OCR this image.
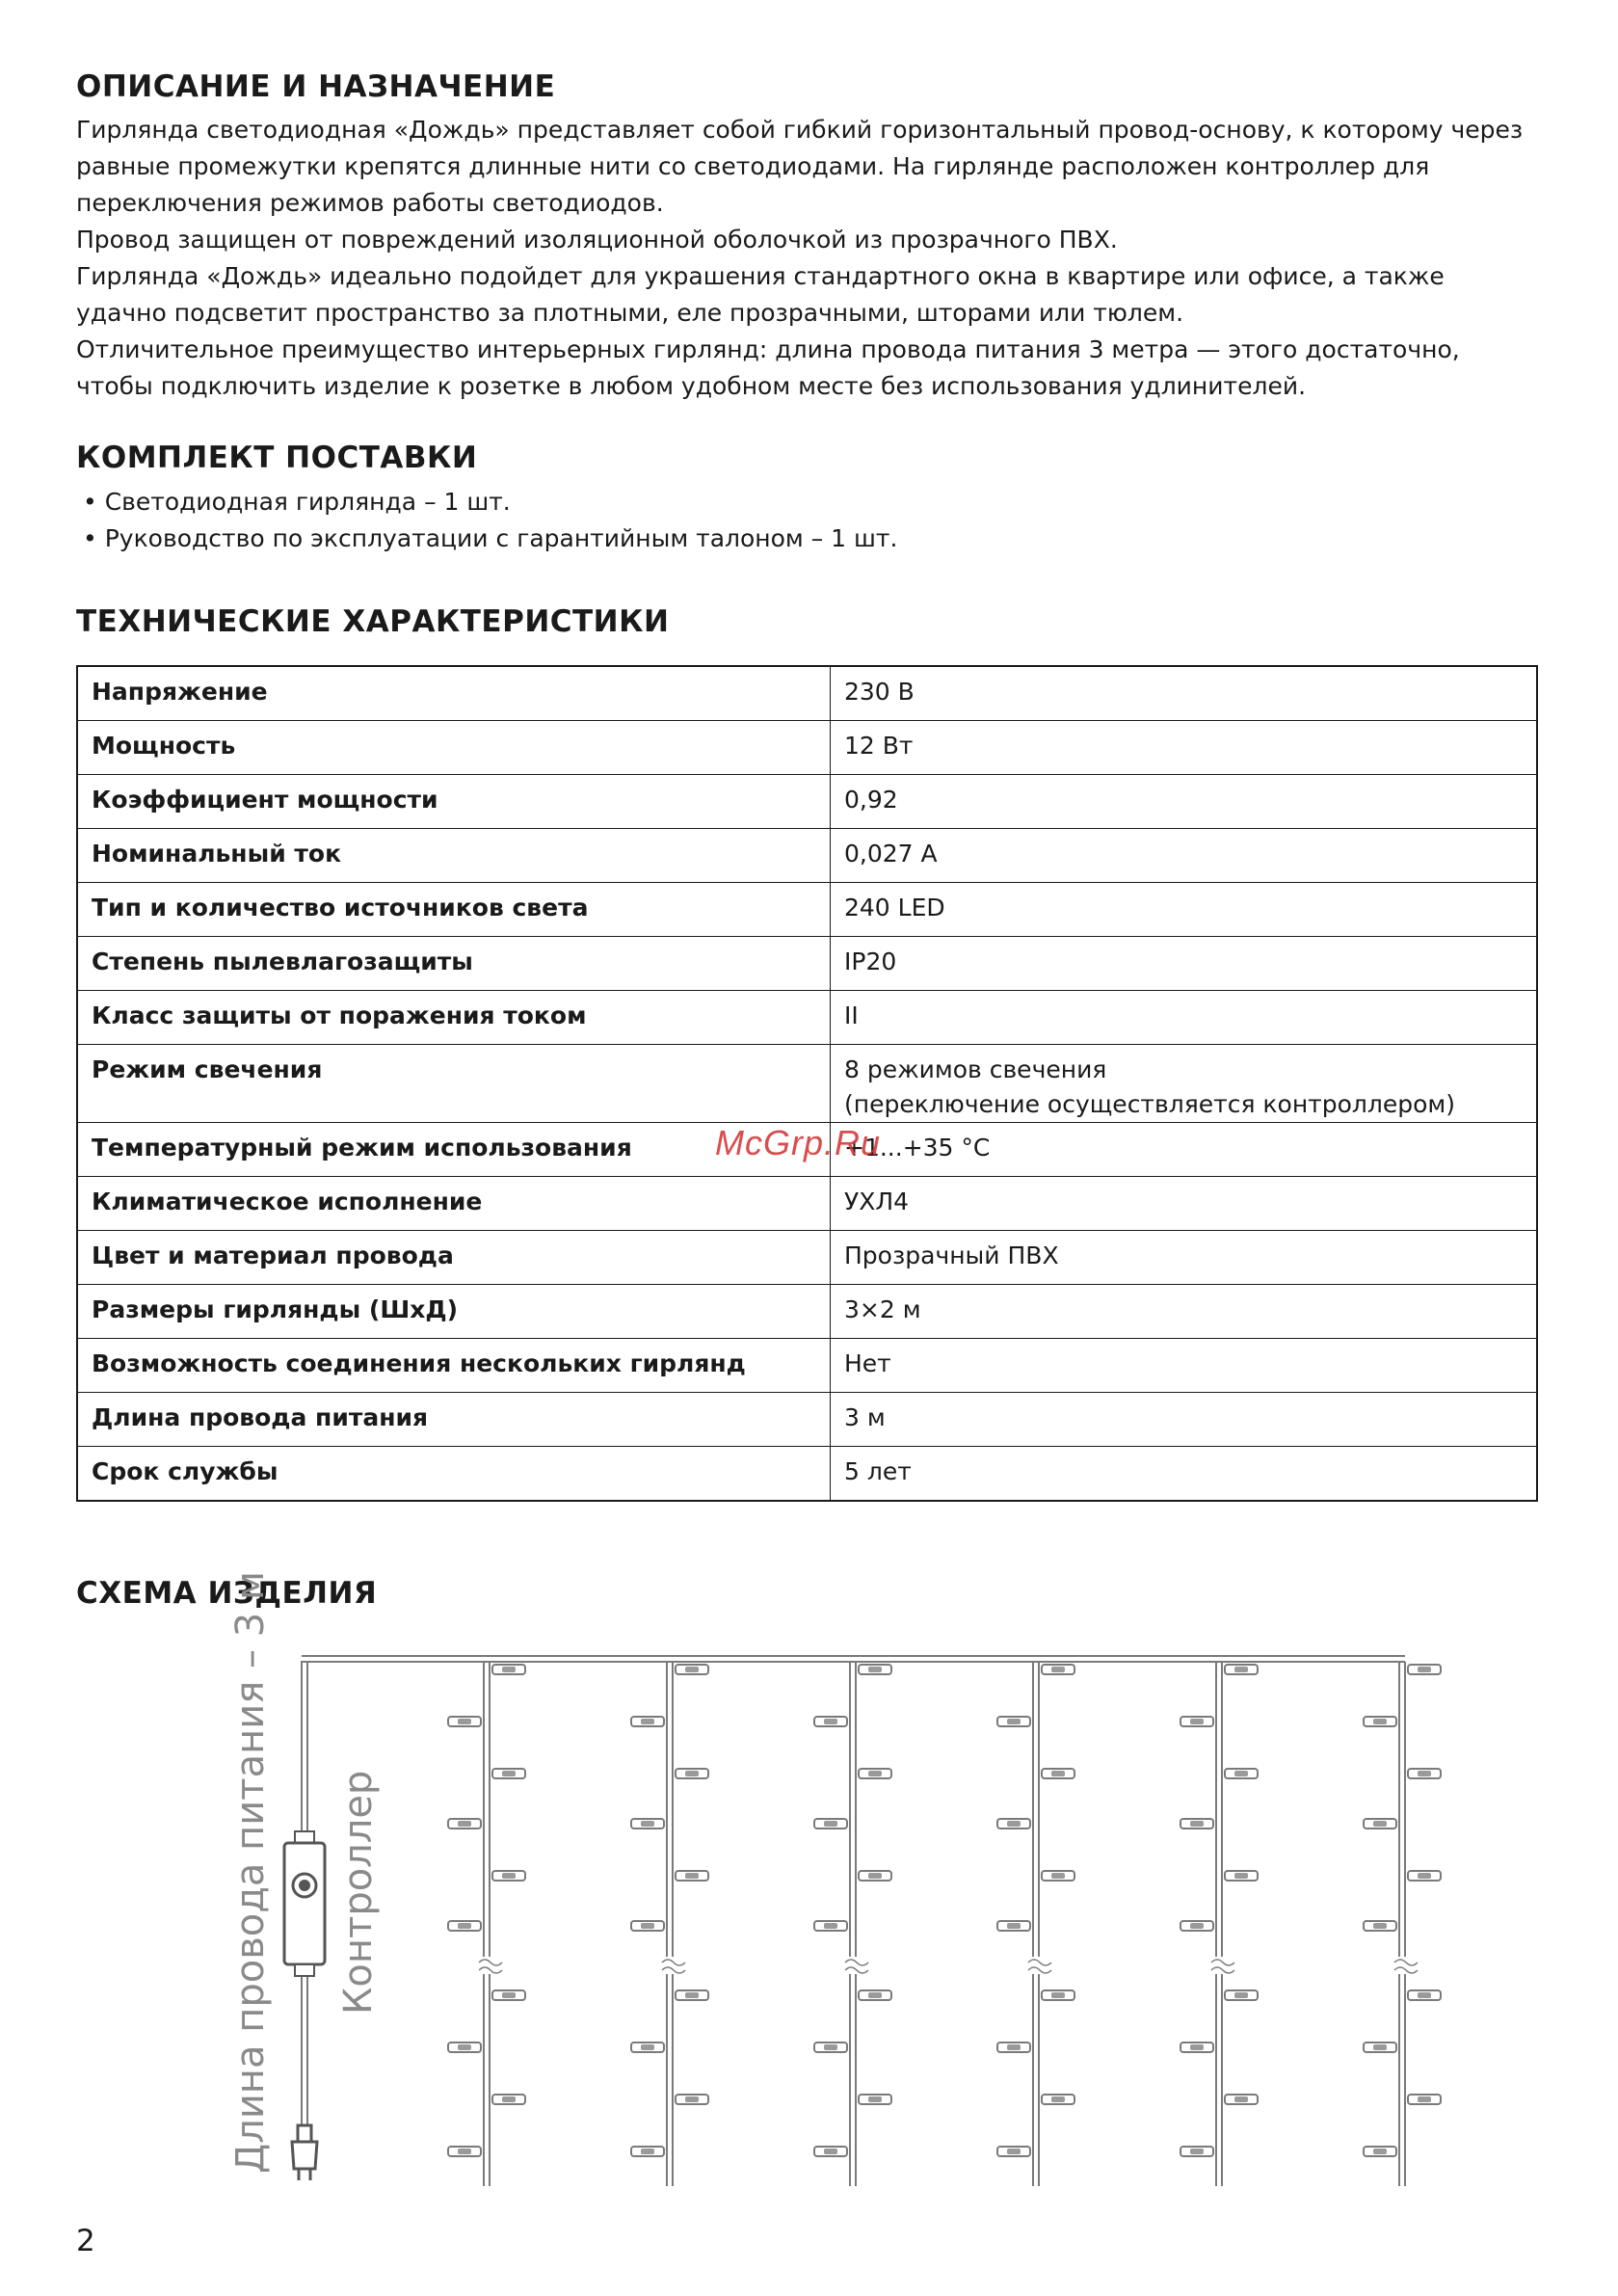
ОПИСАНИЕ И НАЗНАЧЕНИЕ

Гирлянда светодиодная «Дождь» представляет собой гибкий горизонтальный провод-основу, к которому через равные промежутки крепятся длинные нити со светодиодами. На гирлянде расположен контроллер для переключения режимов работы светодиодов.

Провод защищен от повреждений изоляционной оболочкой из прозрачного ПВХ.

Гирлянда «Дождь» идеально подойдет для украшения стандартного окна в квартире или офисе, а также удачно подсветит пространство за плотными, еле прозрачными, шторами или тюлем.

Отличительное преимущество интерьерных гирлянд: длина провода питания 3 метра — этого достаточно, чтобы подключить изделие к розетке в любом удобном месте без использования удлинителей.

КОМПЛЕКТ ПОСТАВКИ
• Светодиодная гирлянда – 1 шт.
• Руководство по эксплуатации с гарантийным талоном – 1 шт.
ТЕХНИЧЕСКИЕ ХАРАКТЕРИСТИКИ
Напряжение	230 В
Мощность	12 Вт
Коэффициент мощности	0,92
Номинальный ток	0,027 А
Тип и количество источников света	240 LED
Степень пылевлагозащиты	IP20
Класс защиты от поражения током	II
Режим свечения	8 режимов свечения
(переключение осуществляется контроллером)
Температурный режим использования	+1...+35 °С
Климатическое исполнение	УХЛ4
Цвет и материал провода	Прозрачный ПВХ
Размеры гирлянды (ШхД)	3×2 м
Возможность соединения нескольких гирлянд	Нет
Длина провода питания	3 м
Срок службы	5 лет
McGrp.Ru
СХЕМА ИЗДЕЛИЯ
Длина провода питания – 3 м Контроллер

2
